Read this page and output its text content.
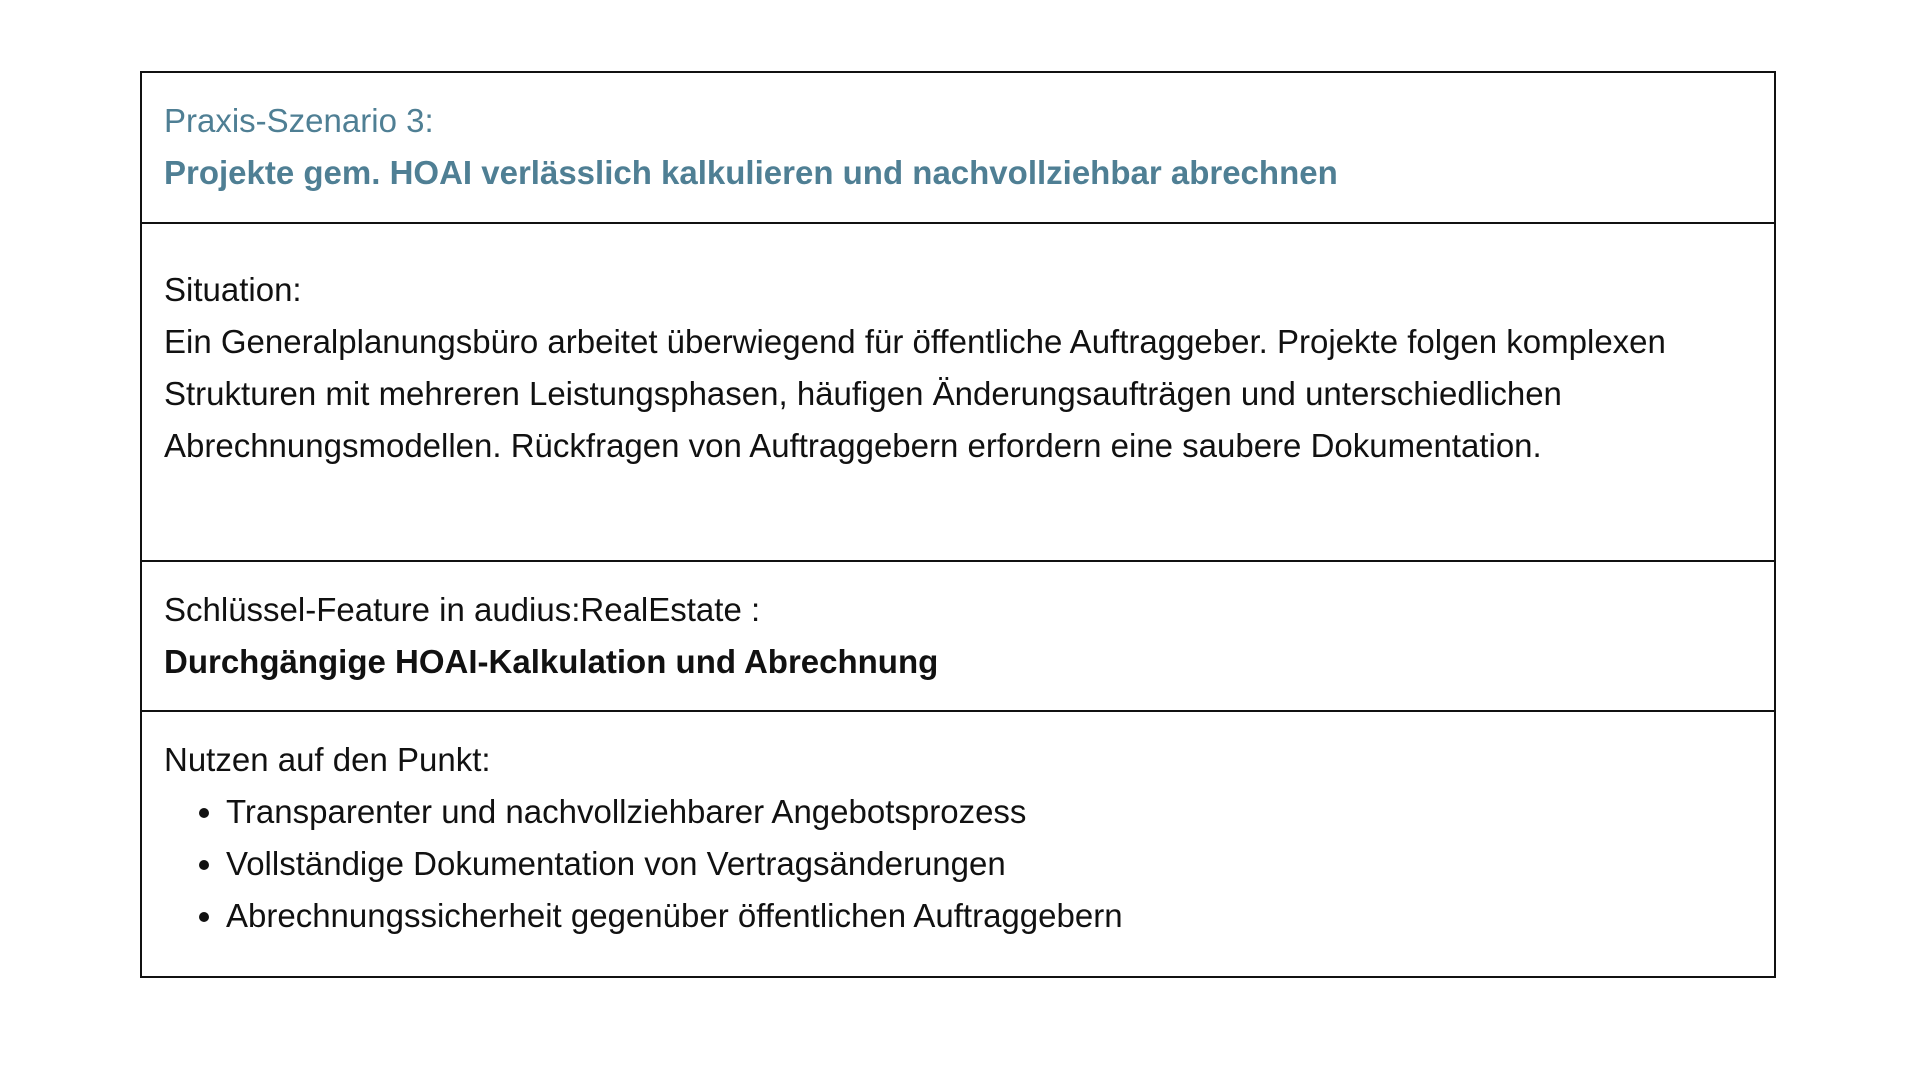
Praxis-Szenario 3:
Projekte gem. HOAI verlässlich kalkulieren und nachvollziehbar abrechnen
Situation:
Ein Generalplanungsbüro arbeitet überwiegend für öffentliche Auftraggeber. Projekte folgen komplexen Strukturen mit mehreren Leistungsphasen, häufigen Änderungsaufträgen und unterschiedlichen Abrechnungsmodellen. Rückfragen von Auftraggebern erfordern eine saubere Dokumentation.
Schlüssel-Feature in audius:RealEstate :
Durchgängige HOAI-Kalkulation und Abrechnung
Nutzen auf den Punkt:
• Transparenter und nachvollziehbarer Angebotsprozess
• Vollständige Dokumentation von Vertragsänderungen
• Abrechnungssicherheit gegenüber öffentlichen Auftraggebern
